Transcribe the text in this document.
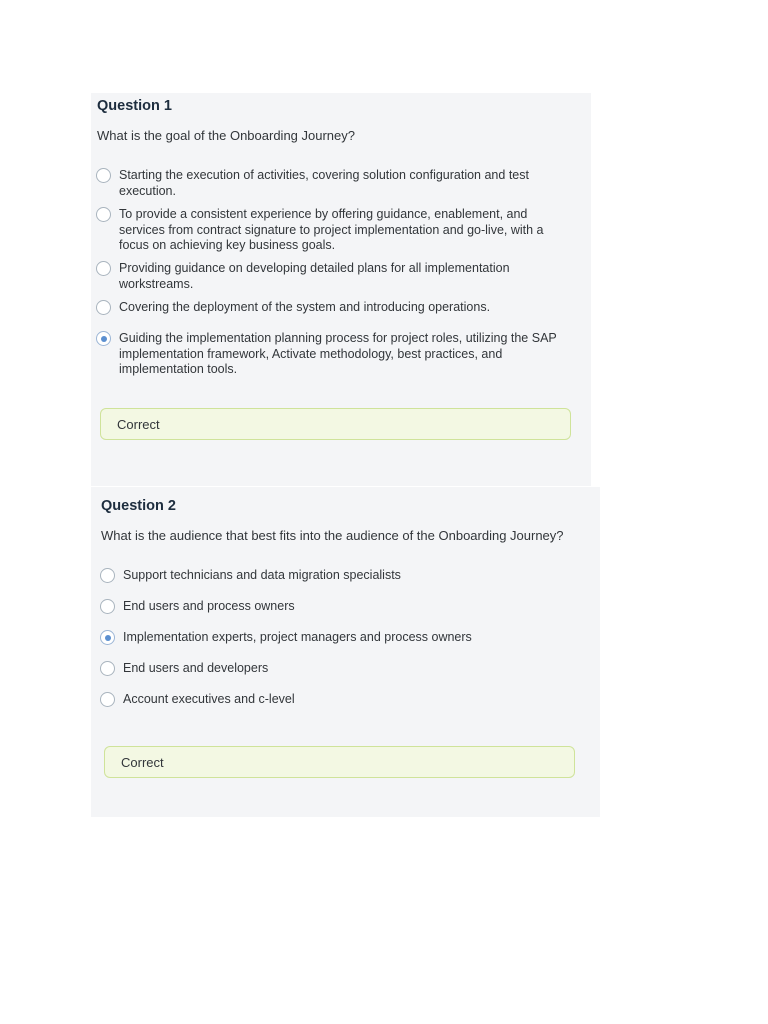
Question 1

What is the goal of the Onboarding Journey?

Starting the execution of activities, covering solution configuration and test execution.
To provide a consistent experience by offering guidance, enablement, and services from contract signature to project implementation and go-live, with a focus on achieving key business goals.
Providing guidance on developing detailed plans for all implementation workstreams.
Covering the deployment of the system and introducing operations.
Guiding the implementation planning process for project roles, utilizing the SAP implementation framework, Activate methodology, best practices, and implementation tools.
Correct
Question 2

What is the audience that best fits into the audience of the Onboarding Journey?

Support technicians and data migration specialists
End users and process owners
Implementation experts, project managers and process owners
End users and developers
Account executives and c-level
Correct
